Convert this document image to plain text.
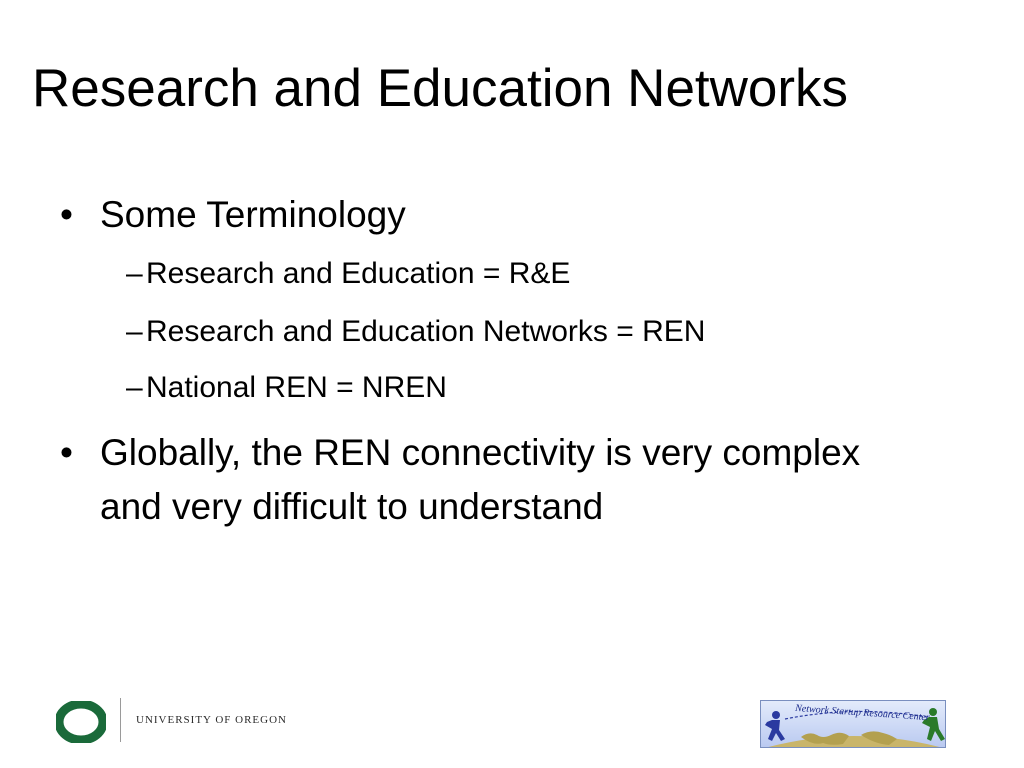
Research and Education Networks
• Some Terminology
– Research and Education = R&E
– Research and Education Networks = REN
– National REN = NREN
• Globally, the REN connectivity is very complex and very difficult to understand
UNIVERSITY OF OREGON	Network Startup Resource Center
